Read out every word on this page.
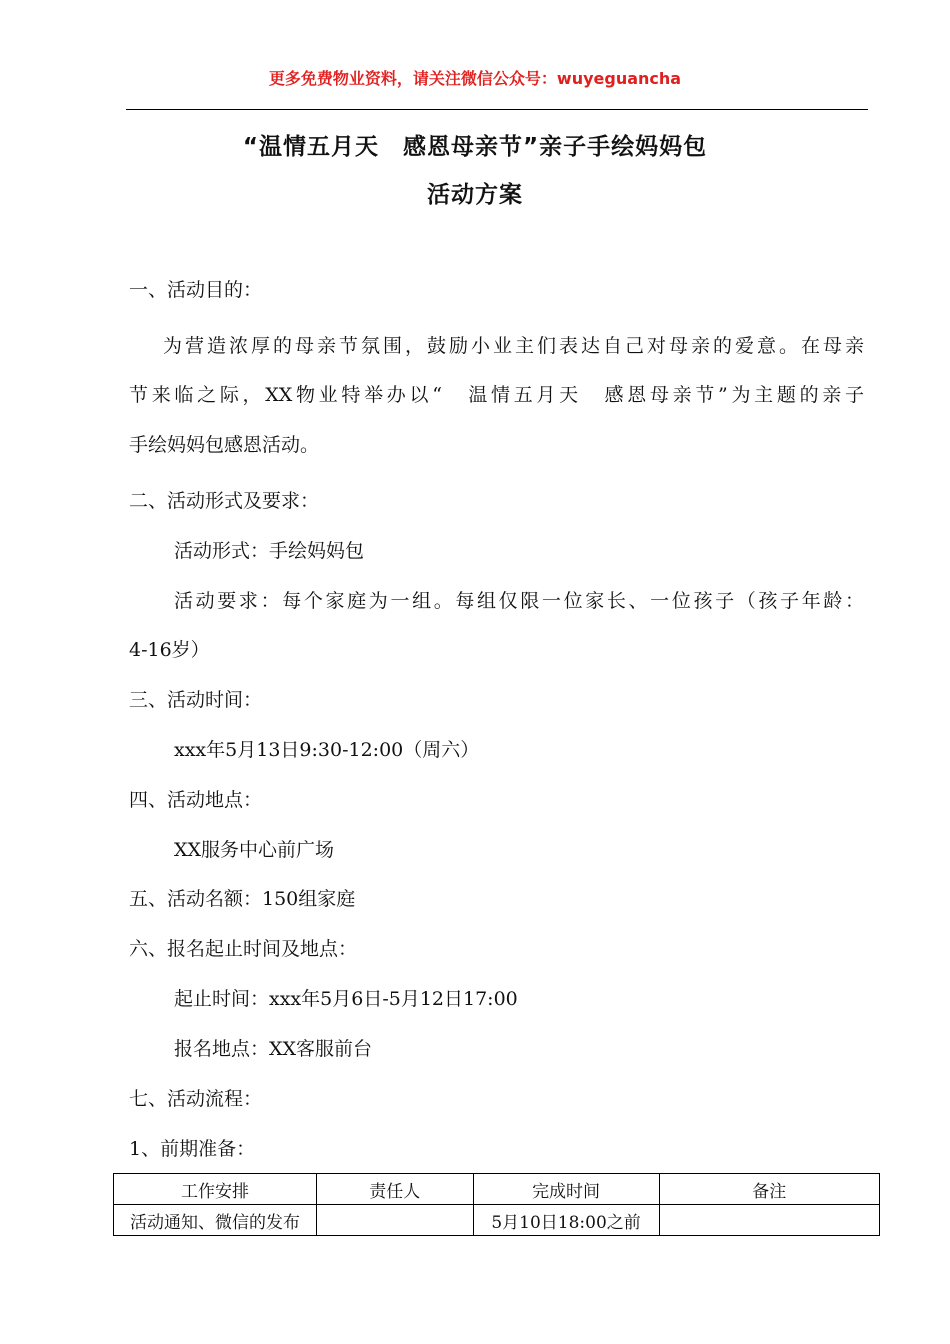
更多免费物业资料，请关注微信公众号：wuyeguancha
“温情五月天　感恩母亲节”亲子手绘妈妈包
活动方案
一、活动目的：
为营造浓厚的母亲节氛围，鼓励小业主们表达自己对母亲的爱意。在母亲
节来临之际，XX物业特举办以“　温情五月天　感恩母亲节”为主题的亲子
手绘妈妈包感恩活动。
二、活动形式及要求：
活动形式：手绘妈妈包
活动要求：每个家庭为一组。每组仅限一位家长、一位孩子（孩子年龄：
4-16岁）
三、活动时间：
xxx年5月13日9:30-12:00（周六）
四、活动地点：
XX服务中心前广场
五、活动名额：150组家庭
六、报名起止时间及地点：
起止时间：xxx年5月6日-5月12日17:00
报名地点：XX客服前台
七、活动流程：
1、前期准备：
工作安排	责任人	完成时间	备注
活动通知、微信的发布		5月10日18:00之前	
